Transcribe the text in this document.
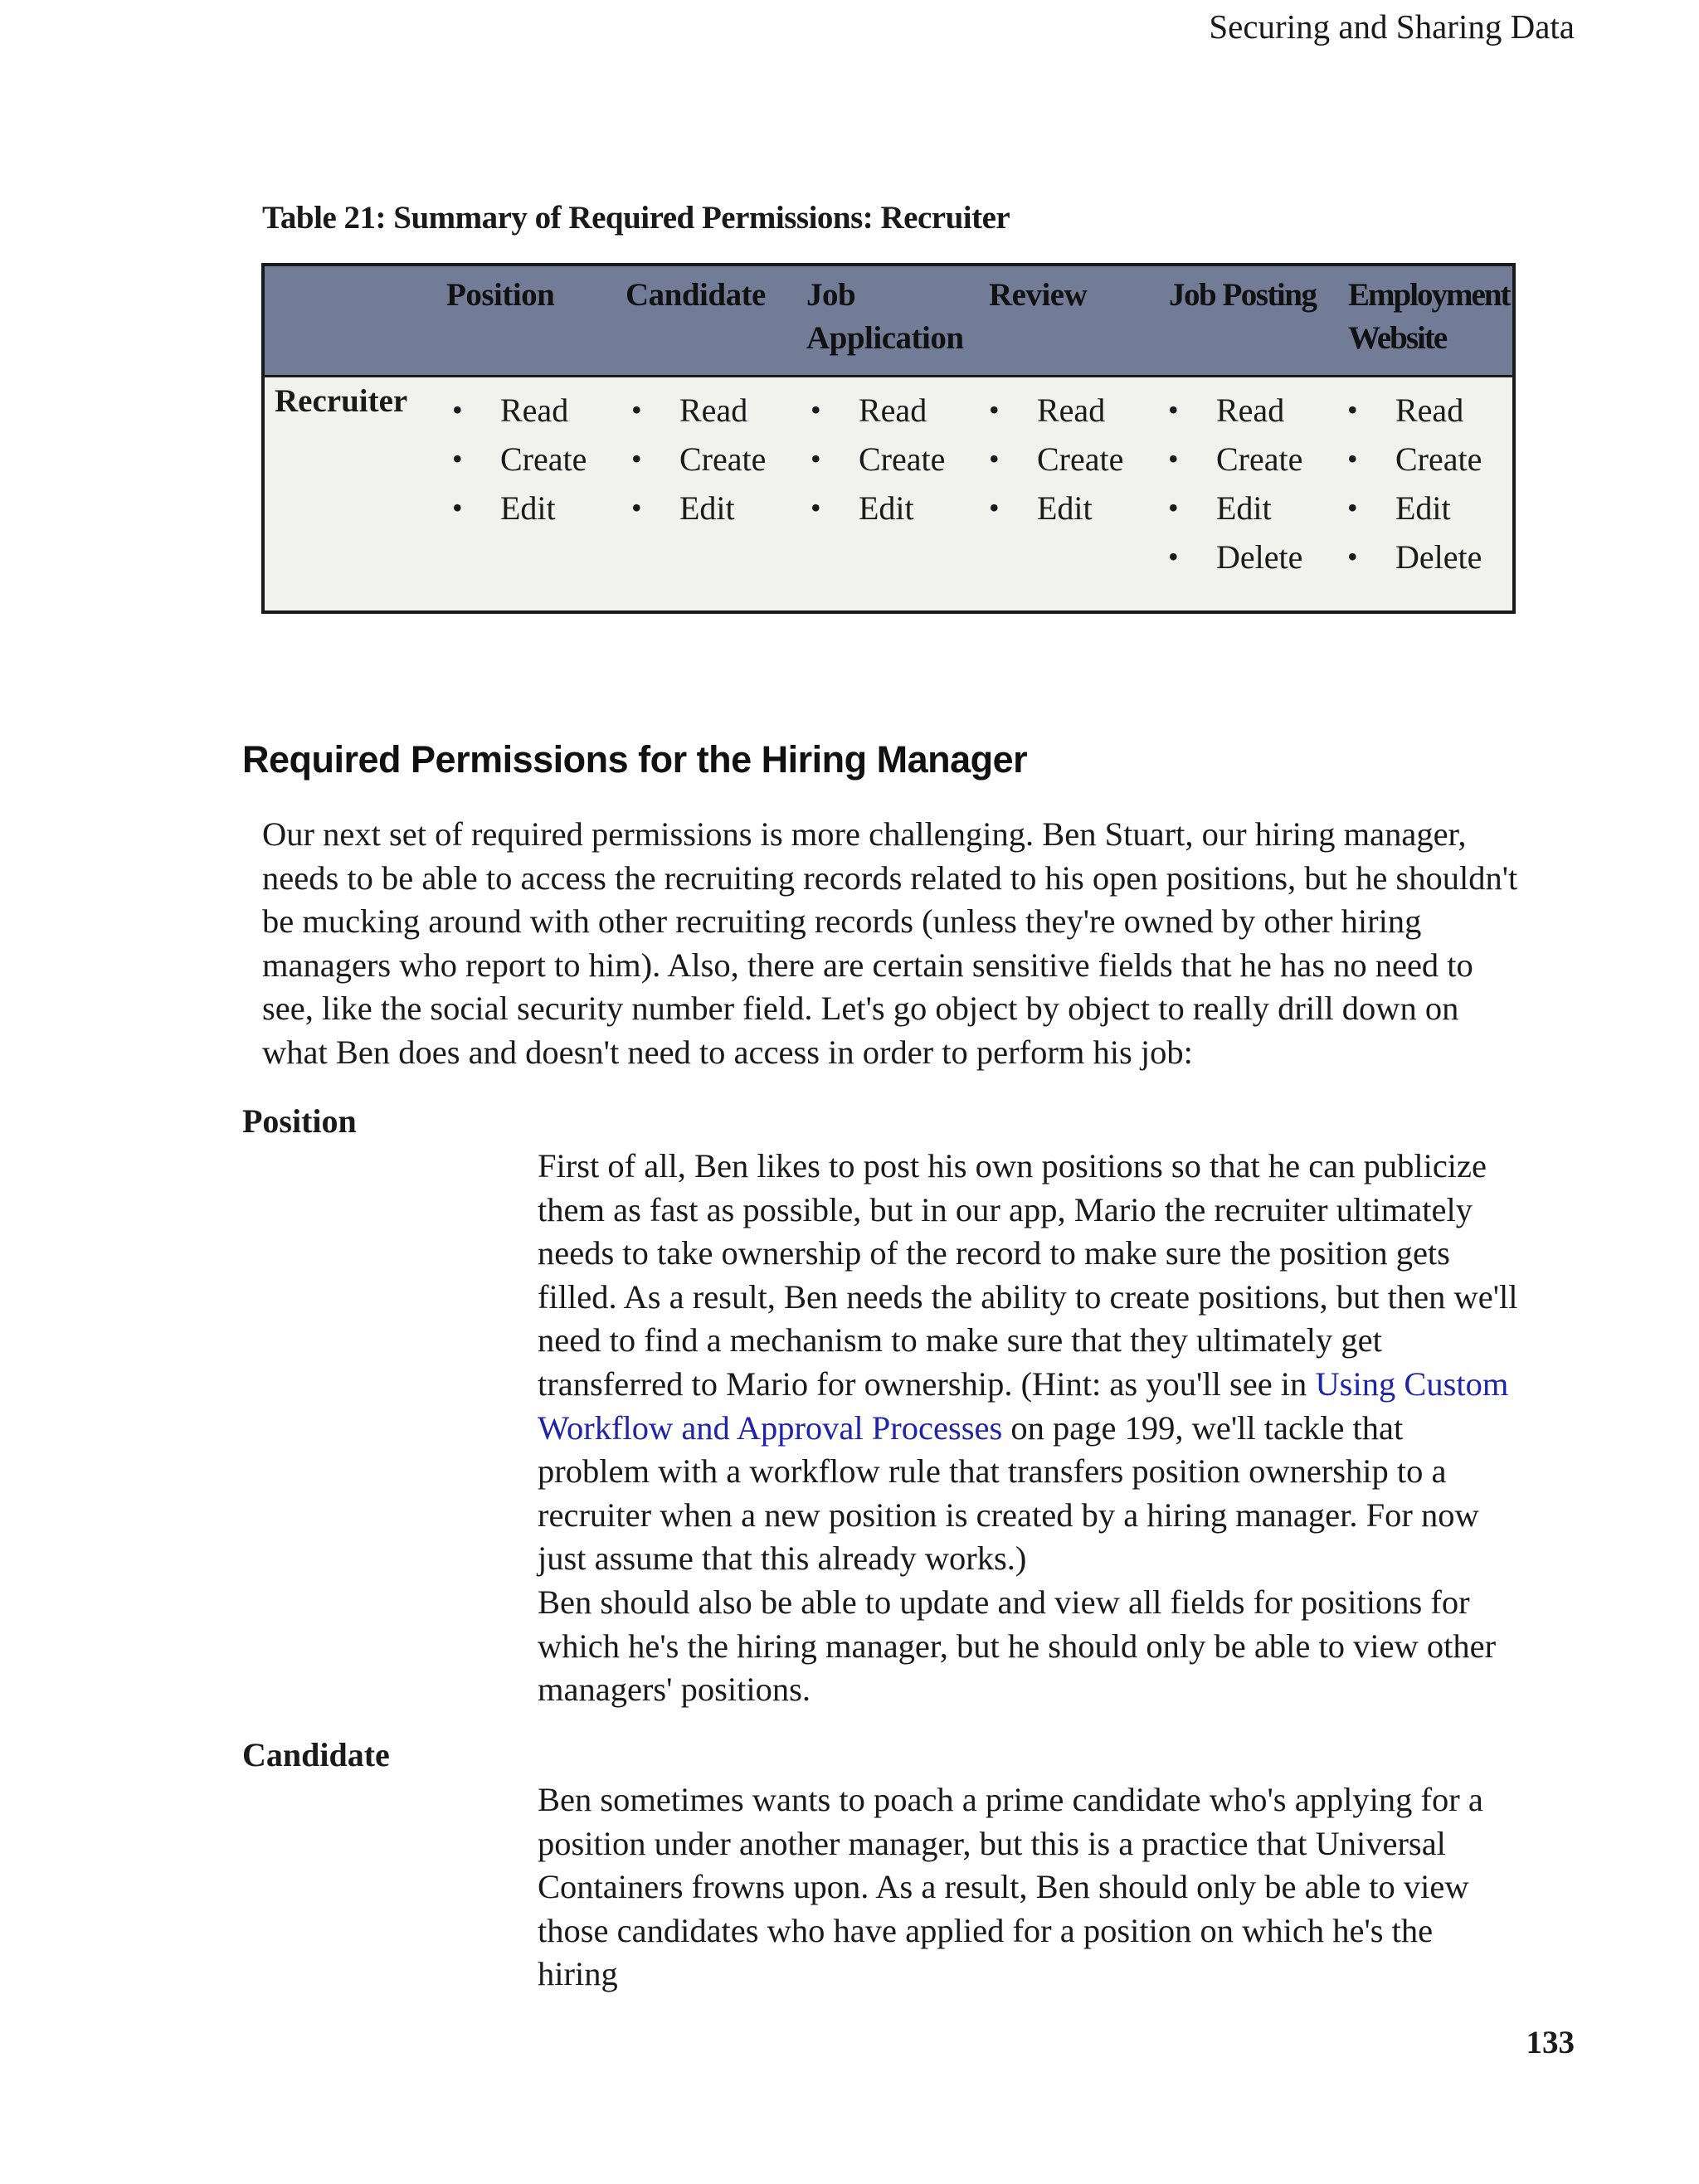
Securing and Sharing Data
Table 21: Summary of Required Permissions: Recruiter
Position Candidate Job
Application
Review	Job Posting Employment
Website
Recruiter
•	Read
• Create
• Edit
• Read
• Create
• Edit
• Read
• Create
• Edit
• Read
• Create
• Edit
• Read
• Create
• Edit
• Delete
• Read
• Create
• Edit
• Delete
Required Permissions for the Hiring Manager

Our next set of required permissions is more challenging. Ben Stuart, our hiring manager, needs to be able to access the recruiting records related to his open positions, but he shouldn't be mucking around with other recruiting records (unless they're owned by other hiring managers who report to him). Also, there are certain sensitive fields that he has no need to see, like the social security number field. Let's go object by object to really drill down on what Ben does and doesn't need to access in order to perform his job:

Position

First of all, Ben likes to post his own positions so that he can publicize them as fast as possible, but in our app, Mario the recruiter ultimately needs to take ownership of the record to make sure the position gets filled. As a result, Ben needs the ability to create positions, but then we'll need to find a mechanism to make sure that they ultimately get transferred to Mario for ownership. (Hint: as you'll see in Using Custom Workflow and Approval Processes on page 199, we'll tackle that problem with a workflow rule that transfers position ownership to a recruiter when a new position is created by a hiring manager. For now just assume that this already works.)

Ben should also be able to update and view all fields for positions for which he's the hiring manager, but he should only be able to view other managers' positions.

Candidate

Ben sometimes wants to poach a prime candidate who's applying for a position under another manager, but this is a practice that Universal Containers frowns upon. As a result, Ben should only be able to view those candidates who have applied for a position on which he's the hiring

133
